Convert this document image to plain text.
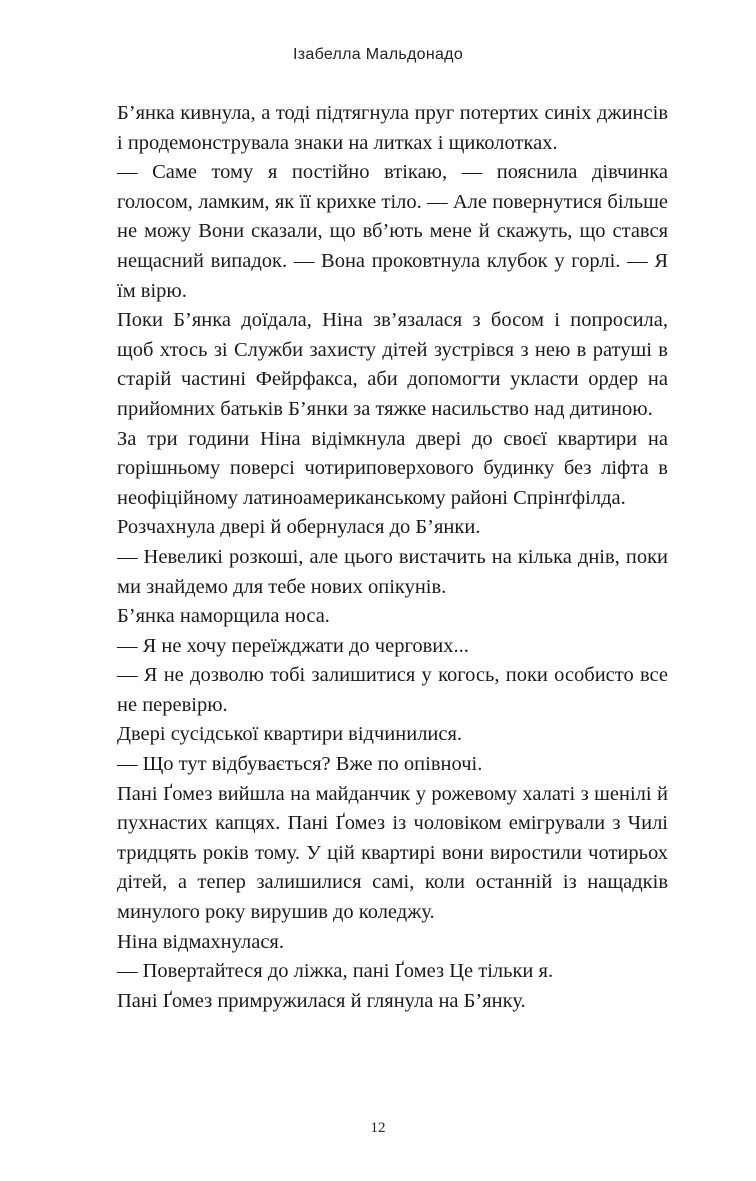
Ізабелла Мальдонадо

Б’янка кивнула, а тоді підтягнула пруг потертих синіх джинсів і продемонструвала знаки на литках і щиколотках.

— Саме тому я постійно втікаю, — пояснила дівчинка голосом, ламким, як її крихке тіло. — Але повернутися більше не можу Вони сказали, що вб’ють мене й скажуть, що стався нещасний випадок. — Вона проковтнула клубок у горлі. — Я їм вірю.

Поки Б’янка доїдала, Ніна зв’язалася з босом і попросила, щоб хтось зі Служби захисту дітей зустрівся з нею в ратуші в старій частині Фейрфакса, аби допомогти укласти ордер на прийомних батьків Б’янки за тяжке насильство над дитиною.

За три години Ніна відімкнула двері до своєї квартири на горішньому поверсі чотириповерхового будинку без ліфта в неофіційному латиноамериканському районі Спрінґфілда.

Розчахнула двері й обернулася до Б’янки.

— Невеликі розкоші, але цього вистачить на кілька днів, поки ми знайдемо для тебе нових опікунів.

Б’янка наморщила носа.

— Я не хочу переїжджати до чергових...

— Я не дозволю тобі залишитися у когось, поки особисто все не перевірю.

Двері сусідської квартири відчинилися.

— Що тут відбувається? Вже по опівночі.

Пані Ґомез вийшла на майданчик у рожевому халаті з шенілі й пухнастих капцях. Пані Ґомез із чоловіком емігрували з Чилі тридцять років тому. У цій квартирі вони виростили чотирьох дітей, а тепер залишилися самі, коли останній із нащадків минулого року вирушив до коледжу.

Ніна відмахнулася.

— Повертайтеся до ліжка, пані Ґомез Це тільки я.

Пані Ґомез примружилася й глянула на Б’янку.

12
